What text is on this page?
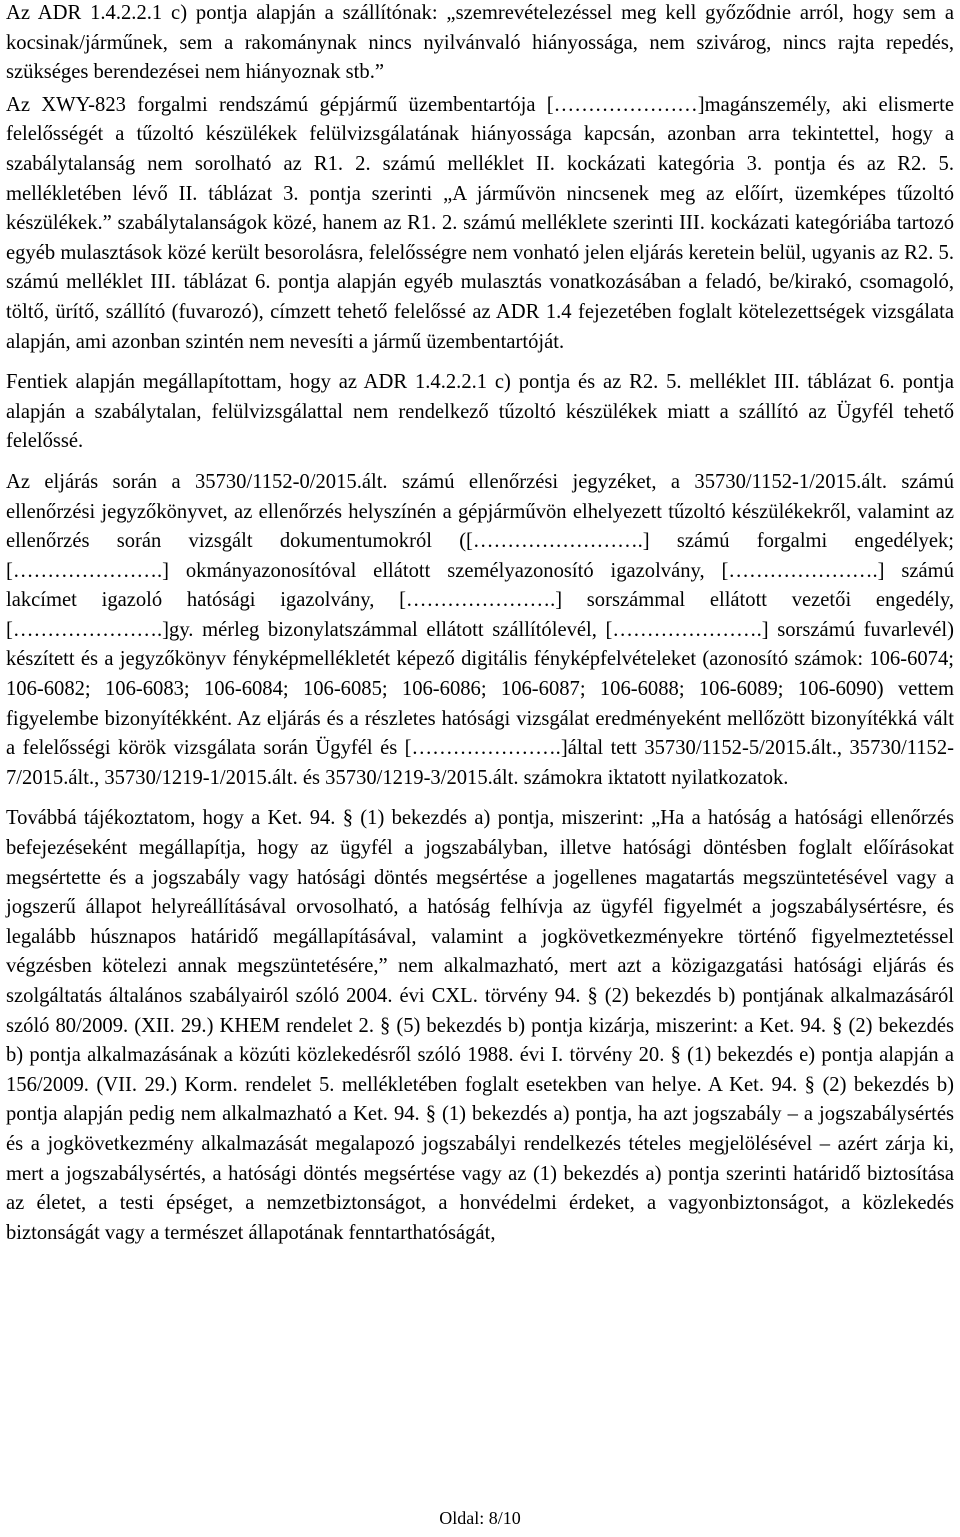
Az ADR 1.4.2.2.1 c) pontja alapján a szállítónak: „szemrevételezéssel meg kell győződnie arról, hogy sem a kocsinak/járműnek, sem a rakománynak nincs nyilvánvaló hiányossága, nem szivárog, nincs rajta repedés, szükséges berendezései nem hiányoznak stb.”

Az XWY-823 forgalmi rendszámú gépjármű üzembentartója […………………]magánszemély, aki elismerte felelősségét a tűzoltó készülékek felülvizsgálatának hiányossága kapcsán, azonban arra tekintettel, hogy a szabálytalanság nem sorolható az R1. 2. számú melléklet II. kockázati kategória 3. pontja és az R2. 5. mellékletében lévő II. táblázat 3. pontja szerinti „A járművön nincsenek meg az előírt, üzemképes tűzoltó készülékek.” szabálytalanságok közé, hanem az R1. 2. számú melléklete szerinti III. kockázati kategóriába tartozó egyéb mulasztások közé került besorolásra, felelősségre nem vonható jelen eljárás keretein belül, ugyanis az R2. 5. számú melléklet III. táblázat 6. pontja alapján egyéb mulasztás vonatkozásában a feladó, be/kirakó, csomagoló, töltő, ürítő, szállító (fuvarozó), címzett tehető felelőssé az ADR 1.4 fejezetében foglalt kötelezettségek vizsgálata alapján, ami azonban szintén nem nevesíti a jármű üzembentartóját.

Fentiek alapján megállapítottam, hogy az ADR 1.4.2.2.1 c) pontja és az R2. 5. melléklet III. táblázat 6. pontja alapján a szabálytalan, felülvizsgálattal nem rendelkező tűzoltó készülékek miatt a szállító az Ügyfél tehető felelőssé.

Az eljárás során a 35730/1152-0/2015.ált. számú ellenőrzési jegyzéket, a 35730/1152-1/2015.ált. számú ellenőrzési jegyzőkönyvet, az ellenőrzés helyszínén a gépjárművön elhelyezett tűzoltó készülékekről, valamint az ellenőrzés során vizsgált dokumentumokról ([…………………….] számú forgalmi engedélyek; [………………….] okmányazonosítóval ellátott személyazonosító igazolvány, [………………….] számú lakcímet igazoló hatósági igazolvány, [………………….] sorszámmal ellátott vezetői engedély, [………………….]gy. mérleg bizonylatszámmal ellátott szállítólevél, [………………….] sorszámú fuvarlevél) készített és a jegyzőkönyv fényképmellékletét képező digitális fényképfelvételeket (azonosító számok: 106-6074; 106-6082; 106-6083; 106-6084; 106-6085; 106-6086; 106-6087; 106-6088; 106-6089; 106-6090) vettem figyelembe bizonyítékként. Az eljárás és a részletes hatósági vizsgálat eredményeként mellőzött bizonyítékká vált a felelősségi körök vizsgálata során Ügyfél és [………………….]által tett 35730/1152-5/2015.ált., 35730/1152-7/2015.ált., 35730/1219-1/2015.ált. és 35730/1219-3/2015.ált. számokra iktatott nyilatkozatok.

Továbbá tájékoztatom, hogy a Ket. 94. § (1) bekezdés a) pontja, miszerint: „Ha a hatóság a hatósági ellenőrzés befejezéseként megállapítja, hogy az ügyfél a jogszabályban, illetve hatósági döntésben foglalt előírásokat megsértette és a jogszabály vagy hatósági döntés megsértése a jogellenes magatartás megszüntetésével vagy a jogszerű állapot helyreállításával orvosolható, a hatóság felhívja az ügyfél figyelmét a jogszabálysértésre, és legalább húsznapos határidő megállapításával, valamint a jogkövetkezményekre történő figyelmeztetéssel végzésben kötelezi annak megszüntetésére,” nem alkalmazható, mert azt a közigazgatási hatósági eljárás és szolgáltatás általános szabályairól szóló 2004. évi CXL. törvény 94. § (2) bekezdés b) pontjának alkalmazásáról szóló 80/2009. (XII. 29.) KHEM rendelet 2. § (5) bekezdés b) pontja kizárja, miszerint: a Ket. 94. § (2) bekezdés b) pontja alkalmazásának a közúti közlekedésről szóló 1988. évi I. törvény 20. § (1) bekezdés e) pontja alapján a 156/2009. (VII. 29.) Korm. rendelet 5. mellékletében foglalt esetekben van helye. A Ket. 94. § (2) bekezdés b) pontja alapján pedig nem alkalmazható a Ket. 94. § (1) bekezdés a) pontja, ha azt jogszabály – a jogszabálysértés és a jogkövetkezmény alkalmazását megalapozó jogszabályi rendelkezés tételes megjelölésével – azért zárja ki, mert a jogszabálysértés, a hatósági döntés megsértése vagy az (1) bekezdés a) pontja szerinti határidő biztosítása az életet, a testi épséget, a nemzetbiztonságot, a honvédelmi érdeket, a vagyonbiztonságot, a közlekedés biztonságát vagy a természet állapotának fenntarthatóságát,

Oldal: 8/10
